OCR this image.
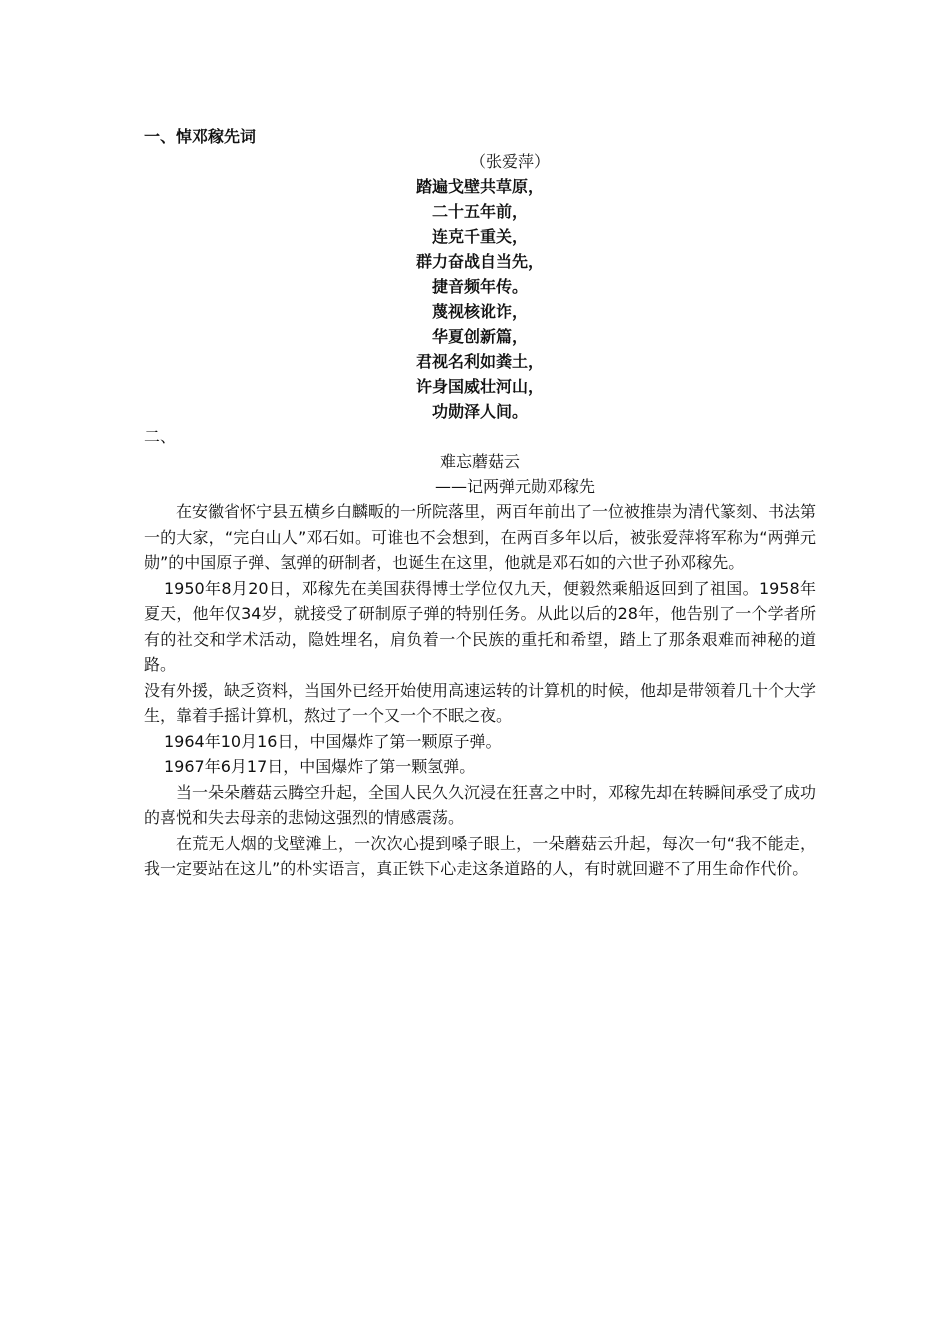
一、悼邓稼先词

（张爱萍）
踏遍戈壁共草原，
二十五年前，
连克千重关，
群力奋战自当先，
捷音频年传。
蔑视核讹诈，
华夏创新篇，
君视名利如粪土，
许身国威壮河山，
功勋泽人间。

二、

难忘蘑菇云

——记两弹元勋邓稼先

在安徽省怀宁县五横乡白麟畈的一所院落里，两百年前出了一位被推崇为清代篆刻、书法第一的大家，“完白山人”邓石如。可谁也不会想到，在两百多年以后，被张爱萍将军称为“两弹元勋”的中国原子弹、氢弹的研制者，也诞生在这里，他就是邓石如的六世子孙邓稼先。

1950年8月20日，邓稼先在美国获得博士学位仅九天，便毅然乘船返回到了祖国。1958年夏天，他年仅34岁，就接受了研制原子弹的特别任务。从此以后的28年，他告别了一个学者所有的社交和学术活动，隐姓埋名，肩负着一个民族的重托和希望，踏上了那条艰难而神秘的道路。

没有外援，缺乏资料，当国外已经开始使用高速运转的计算机的时候，他却是带领着几十个大学生，靠着手摇计算机，熬过了一个又一个不眠之夜。

1964年10月16日，中国爆炸了第一颗原子弹。

1967年6月17日，中国爆炸了第一颗氢弹。

当一朵朵蘑菇云腾空升起，全国人民久久沉浸在狂喜之中时，邓稼先却在转瞬间承受了成功的喜悦和失去母亲的悲恸这强烈的情感震荡。

在荒无人烟的戈壁滩上，一次次心提到嗓子眼上，一朵蘑菇云升起，每次一句“我不能走，我一定要站在这儿”的朴实语言，真正铁下心走这条道路的人，有时就回避不了用生命作代价。
